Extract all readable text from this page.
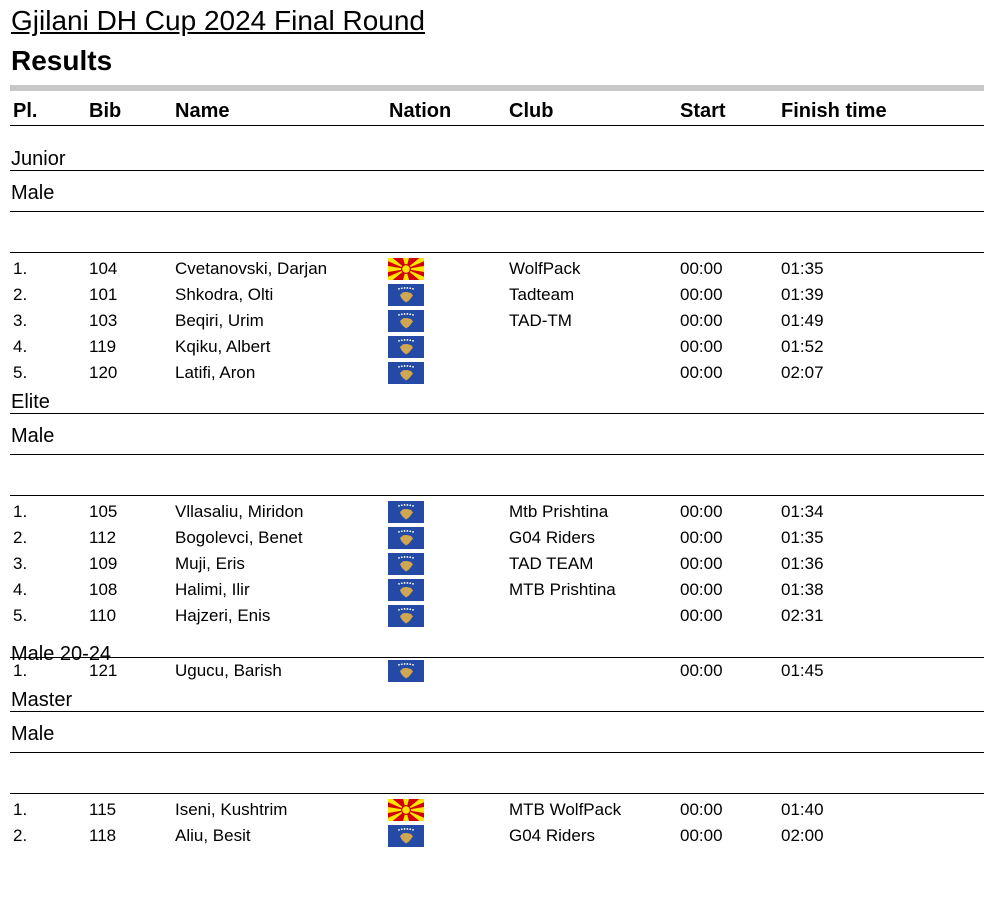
Gjilani DH Cup 2024 Final Round
Results
Pl.	Bib	Name	Nation	Club	Start	Finish time
Junior
Male
1.	104	Cvetanovski, Darjan	WolfPack	00:00	01:35
2.	101	Shkodra, Olti	Tadteam	00:00	01:39
3.	103	Beqiri, Urim	TAD-TM	00:00	01:49
4.	119	Kqiku, Albert	00:00	01:52
5.	120	Latifi, Aron	00:00	02:07
Elite
Male
1.	105	Vllasaliu, Miridon	Mtb Prishtina	00:00	01:34
2.	112	Bogolevci, Benet	G04 Riders	00:00	01:35
3.	109	Muji, Eris	TAD TEAM	00:00	01:36
4.	108	Halimi, Ilir	MTB Prishtina	00:00	01:38
5.	110	Hajzeri, Enis	00:00	02:31
Male 20-24
1.	121	Ugucu, Barish	00:00	01:45
Master
Male
1.	115	Iseni, Kushtrim	MTB WolfPack	00:00	01:40
2.	118	Aliu, Besit	G04 Riders	00:00	02:00
